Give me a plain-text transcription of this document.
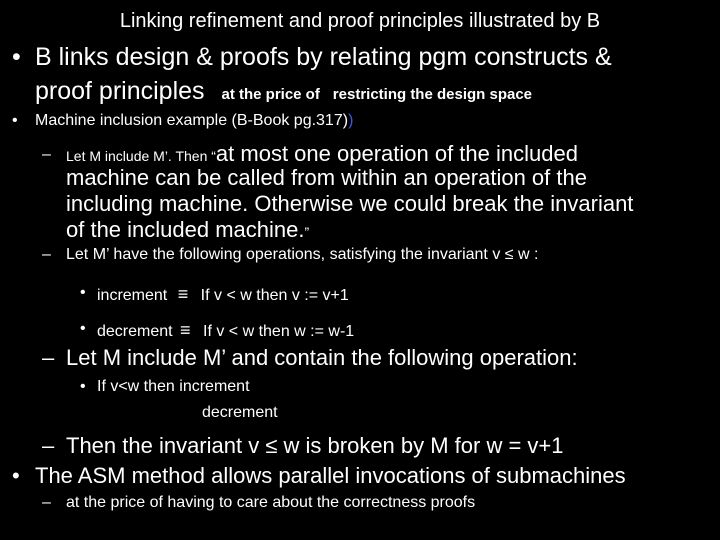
Linking refinement and proof principles illustrated by B
• B links design & proofs by relating pgm constructs &
proof principles at the price of restricting the design space
• Machine inclusion example (B-Book pg.317))
– Let M include M’. Then “at most one operation of the included
machine can be called from within an operation of the
including machine. Otherwise we could break the invariant
of the included machine.”
– Let M’ have the following operations, satisfying the invariant v ≤ w :
• increment ≡ If v < w then v := v+1
• decrement ≡ If v < w then w := w-1
– Let M include M’ and contain the following operation:
• If v<w then increment
decrement
– Then the invariant v ≤ w is broken by M for w = v+1
• The ASM method allows parallel invocations of submachines
– at the price of having to care about the correctness proofs
